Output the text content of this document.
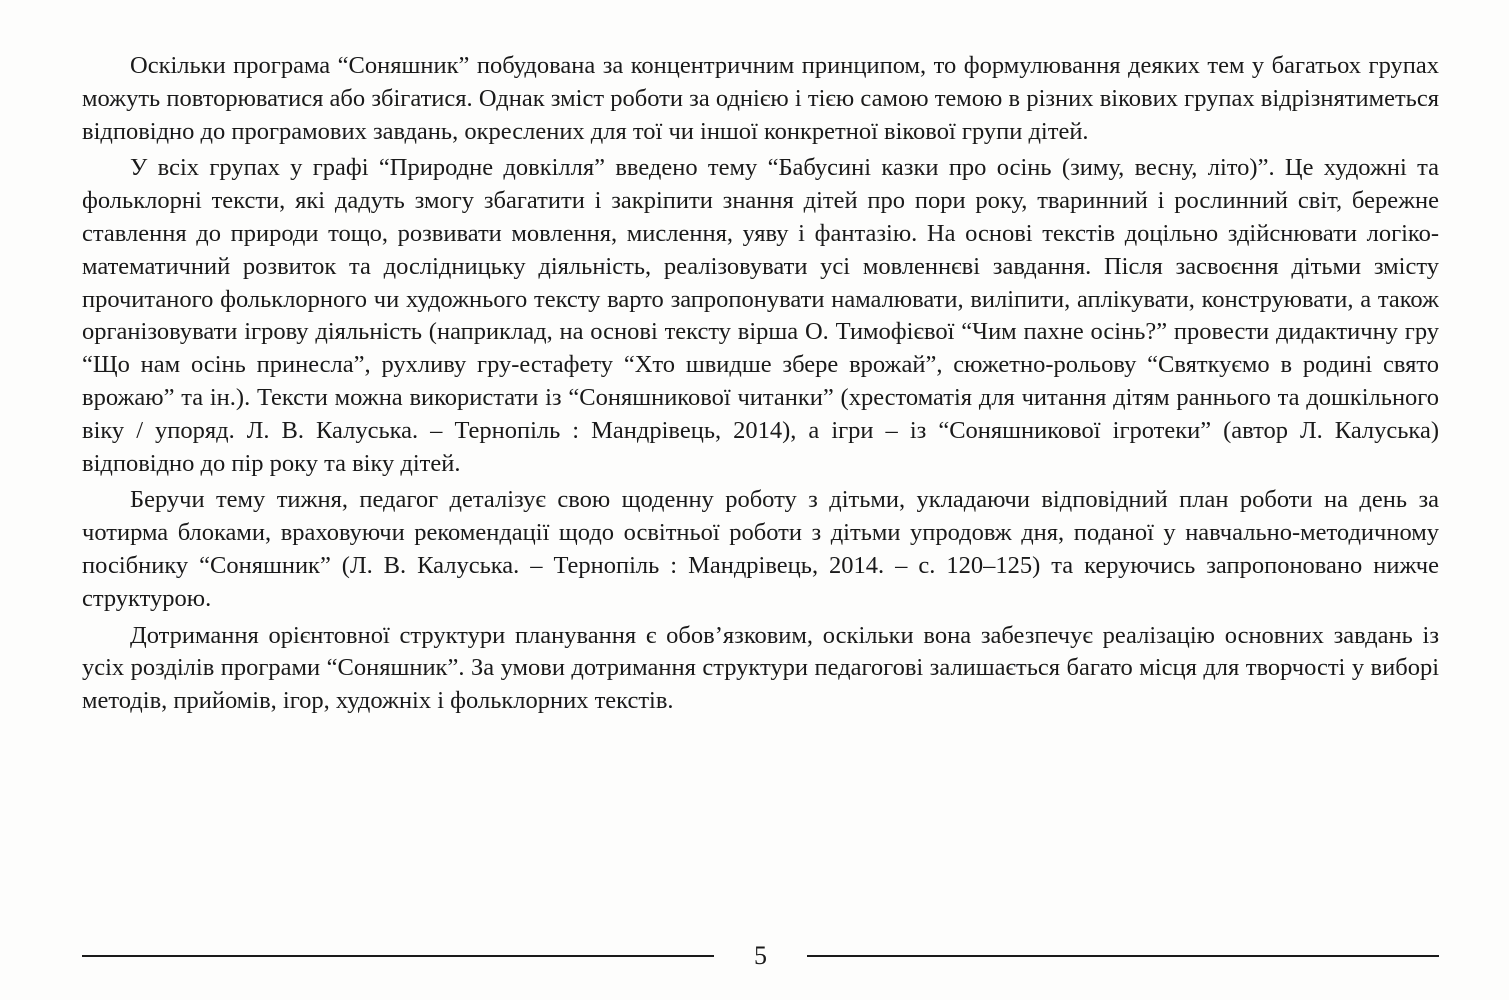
Оскільки програма “Соняшник” побудована за концентричним принципом, то формулювання деяких тем у багатьох групах можуть повторюватися або збігатися. Однак зміст роботи за однією і тією самою темою в різних вікових групах відрізнятиметься відповідно до програмових завдань, окреслених для тої чи іншої конкретної вікової групи дітей.

У всіх групах у графі “Природне довкілля” введено тему “Бабусині казки про осінь (зиму, весну, літо)”. Це художні та фольклорні тексти, які дадуть змогу збагатити і закріпити знання дітей про пори року, тваринний і рослинний світ, бережне ставлення до природи тощо, розвивати мовлення, мислення, уяву і фантазію. На основі текстів доцільно здійснювати логіко-математичний розвиток та дослідницьку діяльність, реалізовувати усі мовленнєві завдання. Після засвоєння дітьми змісту прочитаного фольклорного чи художнього тексту варто запропонувати намалювати, виліпити, аплікувати, конструювати, а також організовувати ігрову діяльність (наприклад, на основі тексту вірша О. Тимофієвої “Чим пахне осінь?” провести дидактичну гру “Що нам осінь принесла”, рухливу гру-естафету “Хто швидше збере врожай”, сюжетно-рольову “Святкуємо в родині свято врожаю” та ін.). Тексти можна використати із “Соняшникової читанки” (хрестоматія для читання дітям раннього та дошкільного віку / упоряд. Л. В. Калуська. – Тернопіль : Мандрівець, 2014), а ігри – із “Соняшникової ігротеки” (автор Л. Калуська) відповідно до пір року та віку дітей.

Беручи тему тижня, педагог деталізує свою щоденну роботу з дітьми, укладаючи відповідний план роботи на день за чотирма блоками, враховуючи рекомендації щодо освітньої роботи з дітьми упродовж дня, поданої у навчально-методичному посібнику “Соняшник” (Л. В. Калуська. – Тернопіль : Мандрівець, 2014. – с. 120–125) та керуючись запропоновано нижче структурою.

Дотримання орієнтовної структури планування є обов’язковим, оскільки вона забезпечує реалізацію основних завдань із усіх розділів програми “Соняшник”. За умови дотримання структури педагогові залишається багато місця для творчості у виборі методів, прийомів, ігор, художніх і фольклорних текстів.

5
